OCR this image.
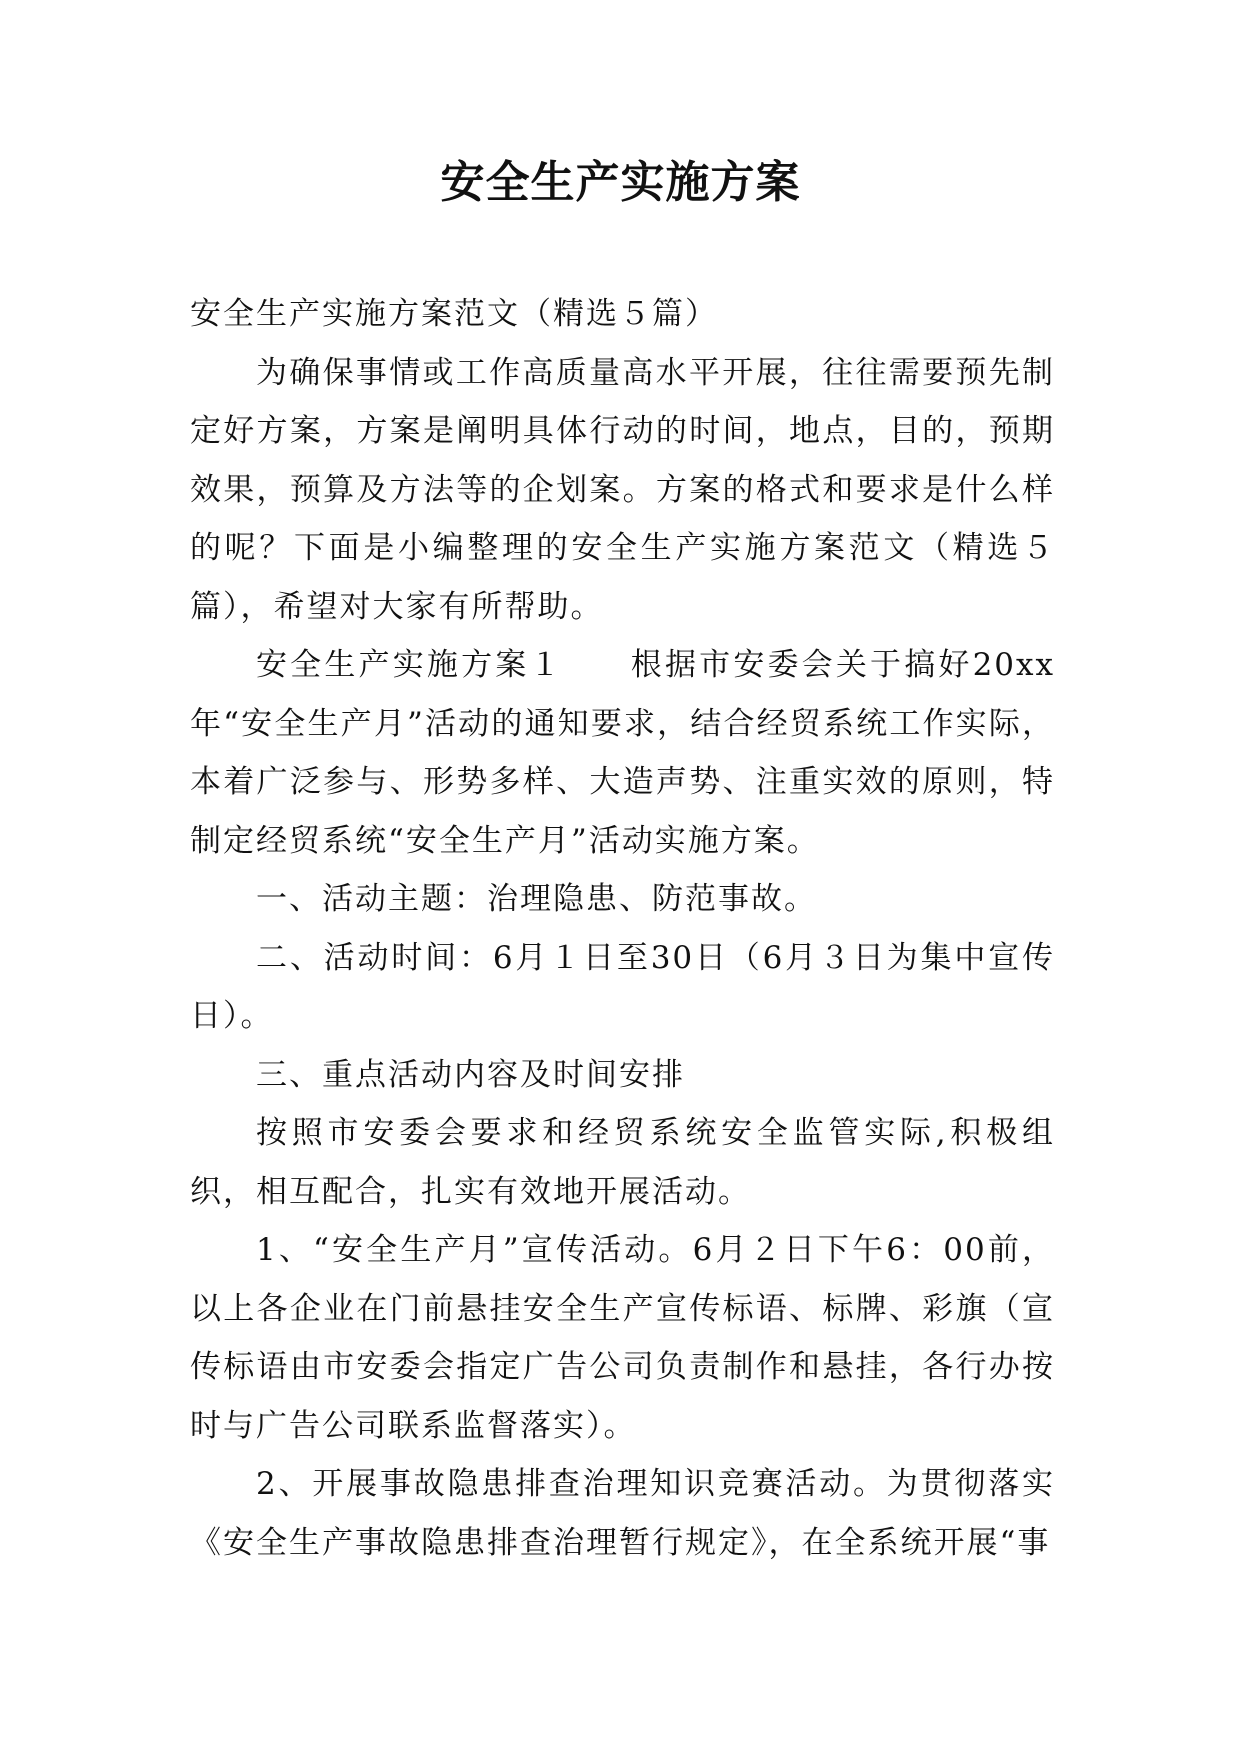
安全生产实施方案

安全生产实施方案范文（精选５篇）

为确保事情或工作高质量高水平开展，往往需要预先制定好方案，方案是阐明具体行动的时间，地点，目的，预期效果，预算及方法等的企划案。方案的格式和要求是什么样的呢？下面是小编整理的安全生产实施方案范文（精选５篇），希望对大家有所帮助。

安全生产实施方案１ 根据市安委会关于搞好20xx年“安全生产月”活动的通知要求，结合经贸系统工作实际，本着广泛参与、形势多样、大造声势、注重实效的原则，特制定经贸系统“安全生产月”活动实施方案。

一、活动主题：治理隐患、防范事故。

二、活动时间：6月１日至30日（6月３日为集中宣传日）。

三、重点活动内容及时间安排

按照市安委会要求和经贸系统安全监管实际,积极组织，相互配合，扎实有效地开展活动。

1、“安全生产月”宣传活动。6月２日下午6：00前，以上各企业在门前悬挂安全生产宣传标语、标牌、彩旗（宣传标语由市安委会指定广告公司负责制作和悬挂，各行办按时与广告公司联系监督落实）。

2、开展事故隐患排查治理知识竞赛活动。为贯彻落实《安全生产事故隐患排查治理暂行规定》，在全系统开展“事
